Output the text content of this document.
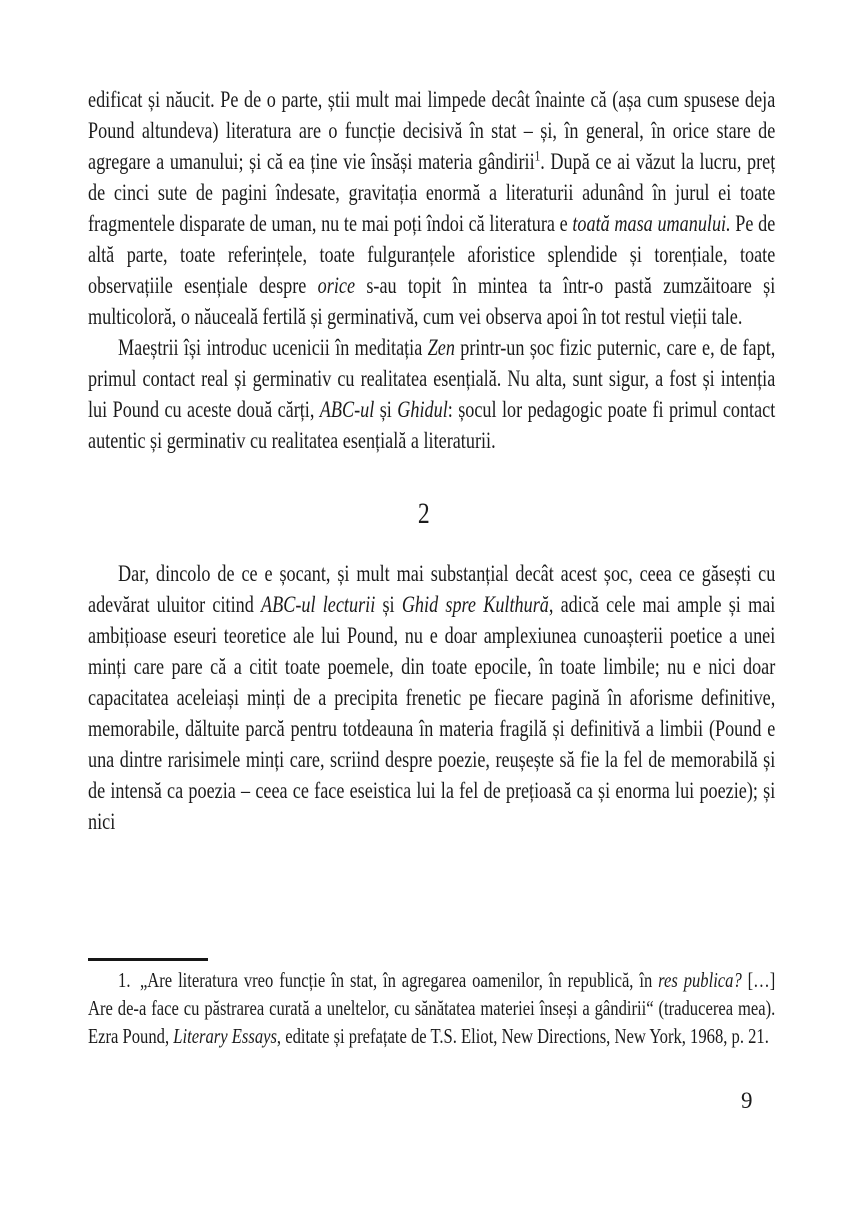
edificat și năucit. Pe de o parte, știi mult mai limpede decât înainte că (așa cum spusese deja Pound altundeva) literatura are o funcție decisivă în stat – și, în general, în orice stare de agregare a umanului; și că ea ține vie însăși materia gândirii$^1$. După ce ai văzut la lucru, preț de cinci sute de pagini îndesate, gravitația enormă a literaturii adunând în jurul ei toate fragmentele disparate de uman, nu te mai poți îndoi că literatura e toată masa umanului. Pe de altă parte, toate referințele, toate fulguranțele aforistice splendide și torențiale, toate observațiile esențiale despre orice s-au topit în mintea ta într-o pastă zumzăitoare și multicoloră, o năuceală fertilă și germinativă, cum vei observa apoi în tot restul vieții tale.

Maeștrii își introduc ucenicii în meditația Zen printr-un șoc fizic puternic, care e, de fapt, primul contact real și germinativ cu realitatea esențială. Nu alta, sunt sigur, a fost și intenția lui Pound cu aceste două cărți, ABC-ul și Ghidul: șocul lor pedagogic poate fi primul contact autentic și germinativ cu realitatea esențială a literaturii.

2

Dar, dincolo de ce e șocant, și mult mai substanțial decât acest șoc, ceea ce găsești cu adevărat uluitor citind ABC-ul lecturii și Ghid spre Kulthură, adică cele mai ample și mai ambițioase eseuri teoretice ale lui Pound, nu e doar amplexiunea cunoașterii poetice a unei minți care pare că a citit toate poemele, din toate epocile, în toate limbile; nu e nici doar capacitatea aceleiași minți de a precipita frenetic pe fiecare pagină în aforisme definitive, memorabile, dăltuite parcă pentru totdeauna în materia fragilă și definitivă a limbii (Pound e una dintre rarisimele minți care, scriind despre poezie, reușește să fie la fel de memorabilă și de intensă ca poezia – ceea ce face eseistica lui la fel de prețioasă ca și enorma lui poezie); și nici

1. „Are literatura vreo funcție în stat, în agregarea oamenilor, în republică, în res publica? […] Are de-a face cu păstrarea curată a uneltelor, cu sănătatea materiei înseși a gândirii“ (traducerea mea). Ezra Pound, Literary Essays, editate și prefațate de T.S. Eliot, New Directions, New York, 1968, p. 21.

9
